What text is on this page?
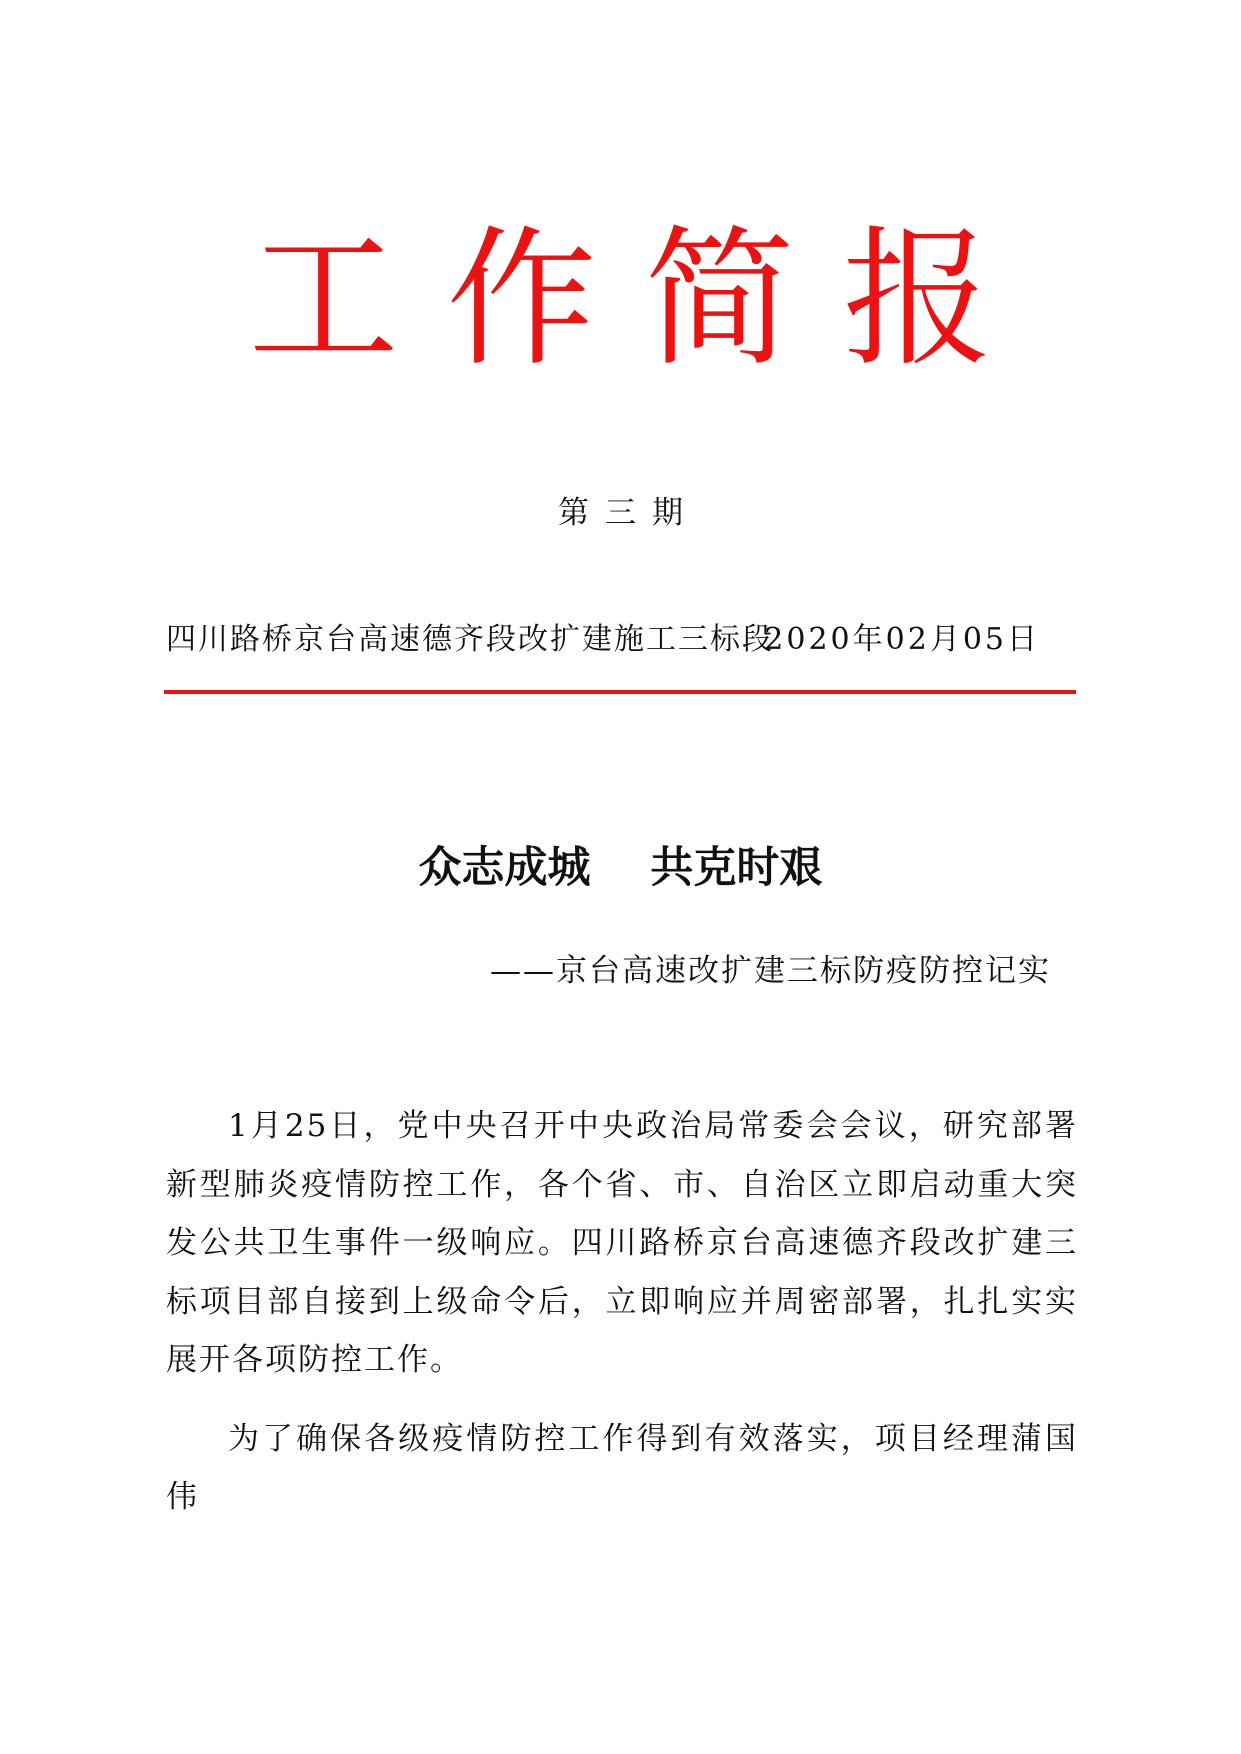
工作简报
第三期
四川路桥京台高速德齐段改扩建施工三标段
2020年02月05日
众志成城    共克时艰
——京台高速改扩建三标防疫防控记实

1月25日，党中央召开中央政治局常委会会议，研究部署新型肺炎疫情防控工作，各个省、市、自治区立即启动重大突发公共卫生事件一级响应。四川路桥京台高速德齐段改扩建三标项目部自接到上级命令后，立即响应并周密部署，扎扎实实展开各项防控工作。

为了确保各级疫情防控工作得到有效落实，项目经理蒲国伟
